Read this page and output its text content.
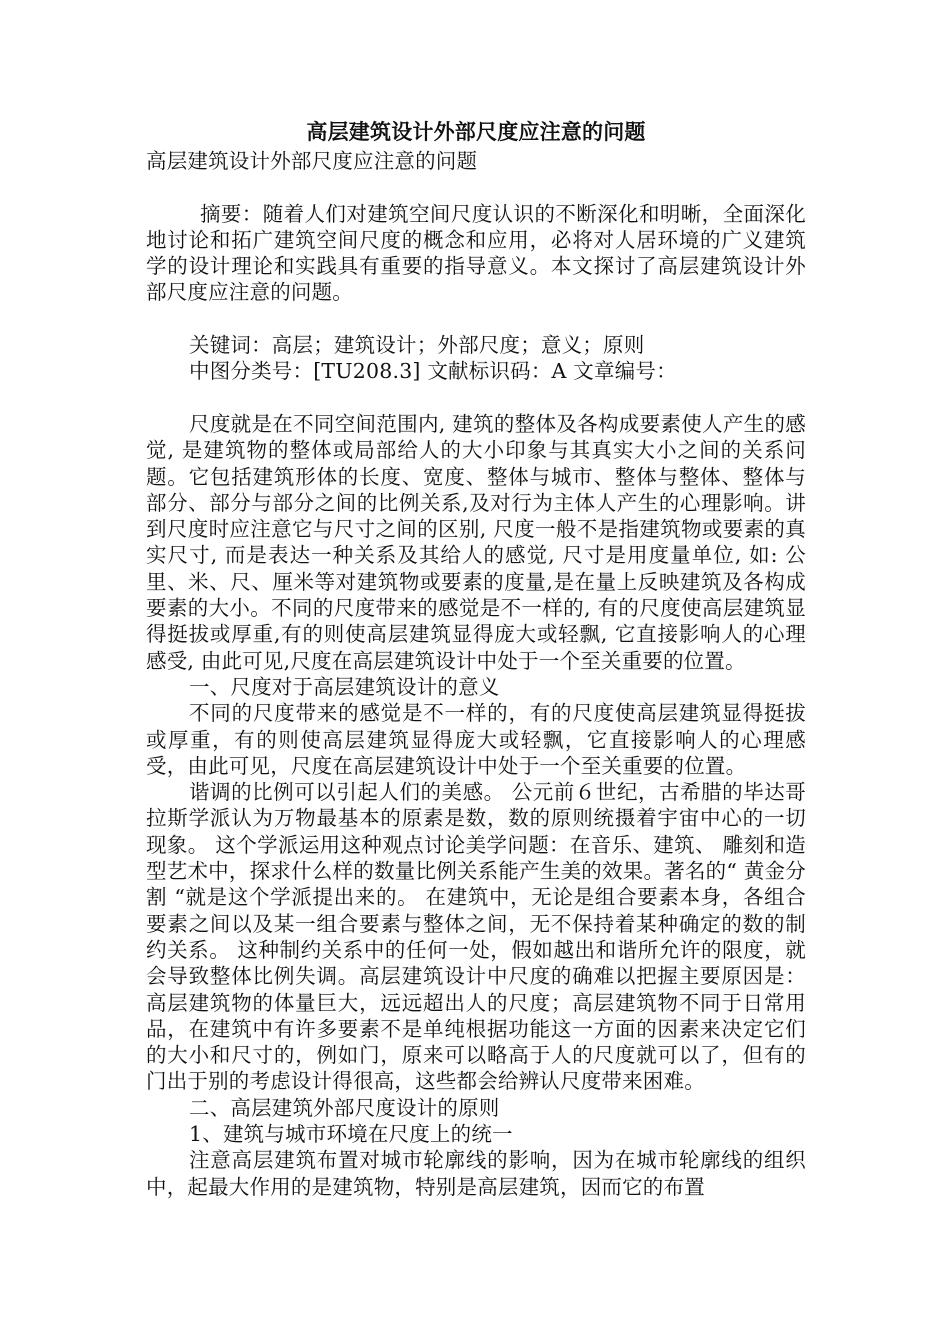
高层建筑设计外部尺度应注意的问题

高层建筑设计外部尺度应注意的问题

摘要：随着人们对建筑空间尺度认识的不断深化和明晰，全面深化地讨论和拓广建筑空间尺度的概念和应用，必将对人居环境的广义建筑学的设计理论和实践具有重要的指导意义。本文探讨了高层建筑设计外部尺度应注意的问题。

关键词：高层；建筑设计；外部尺度；意义；原则

中图分类号：[TU208.3] 文献标识码：A 文章编号：

尺度就是在不同空间范围内, 建筑的整体及各构成要素使人产生的感觉, 是建筑物的整体或局部给人的大小印象与其真实大小之间的关系问题。它包括建筑形体的长度、宽度、整体与城市、整体与整体、整体与部分、部分与部分之间的比例关系,及对行为主体人产生的心理影响。讲到尺度时应注意它与尺寸之间的区别, 尺度一般不是指建筑物或要素的真实尺寸, 而是表达一种关系及其给人的感觉, 尺寸是用度量单位, 如: 公里、米、尺、厘米等对建筑物或要素的度量,是在量上反映建筑及各构成要素的大小。不同的尺度带来的感觉是不一样的, 有的尺度使高层建筑显得挺拔或厚重,有的则使高层建筑显得庞大或轻飘, 它直接影响人的心理感受, 由此可见,尺度在高层建筑设计中处于一个至关重要的位置。

一、尺度对于高层建筑设计的意义

不同的尺度带来的感觉是不一样的，有的尺度使高层建筑显得挺拔或厚重，有的则使高层建筑显得庞大或轻飘，它直接影响人的心理感受，由此可见，尺度在高层建筑设计中处于一个至关重要的位置。

谐调的比例可以引起人们的美感。 公元前６世纪，古希腊的毕达哥拉斯学派认为万物最基本的原素是数，数的原则统摄着宇宙中心的一切现象。 这个学派运用这种观点讨论美学问题：在音乐、建筑、 雕刻和造型艺术中，探求什么样的数量比例关系能产生美的效果。著名的“ 黄金分割 “就是这个学派提出来的。 在建筑中，无论是组合要素本身，各组合要素之间以及某一组合要素与整体之间，无不保持着某种确定的数的制约关系。 这种制约关系中的任何一处，假如越出和谐所允许的限度，就会导致整体比例失调。高层建筑设计中尺度的确难以把握主要原因是：高层建筑物的体量巨大，远远超出人的尺度；高层建筑物不同于日常用品，在建筑中有许多要素不是单纯根据功能这一方面的因素来决定它们的大小和尺寸的，例如门，原来可以略高于人的尺度就可以了，但有的门出于别的考虑设计得很高，这些都会给辨认尺度带来困难。

二、高层建筑外部尺度设计的原则

1、建筑与城市环境在尺度上的统一

注意高层建筑布置对城市轮廓线的影响，因为在城市轮廓线的组织中，起最大作用的是建筑物，特别是高层建筑，因而它的布置
